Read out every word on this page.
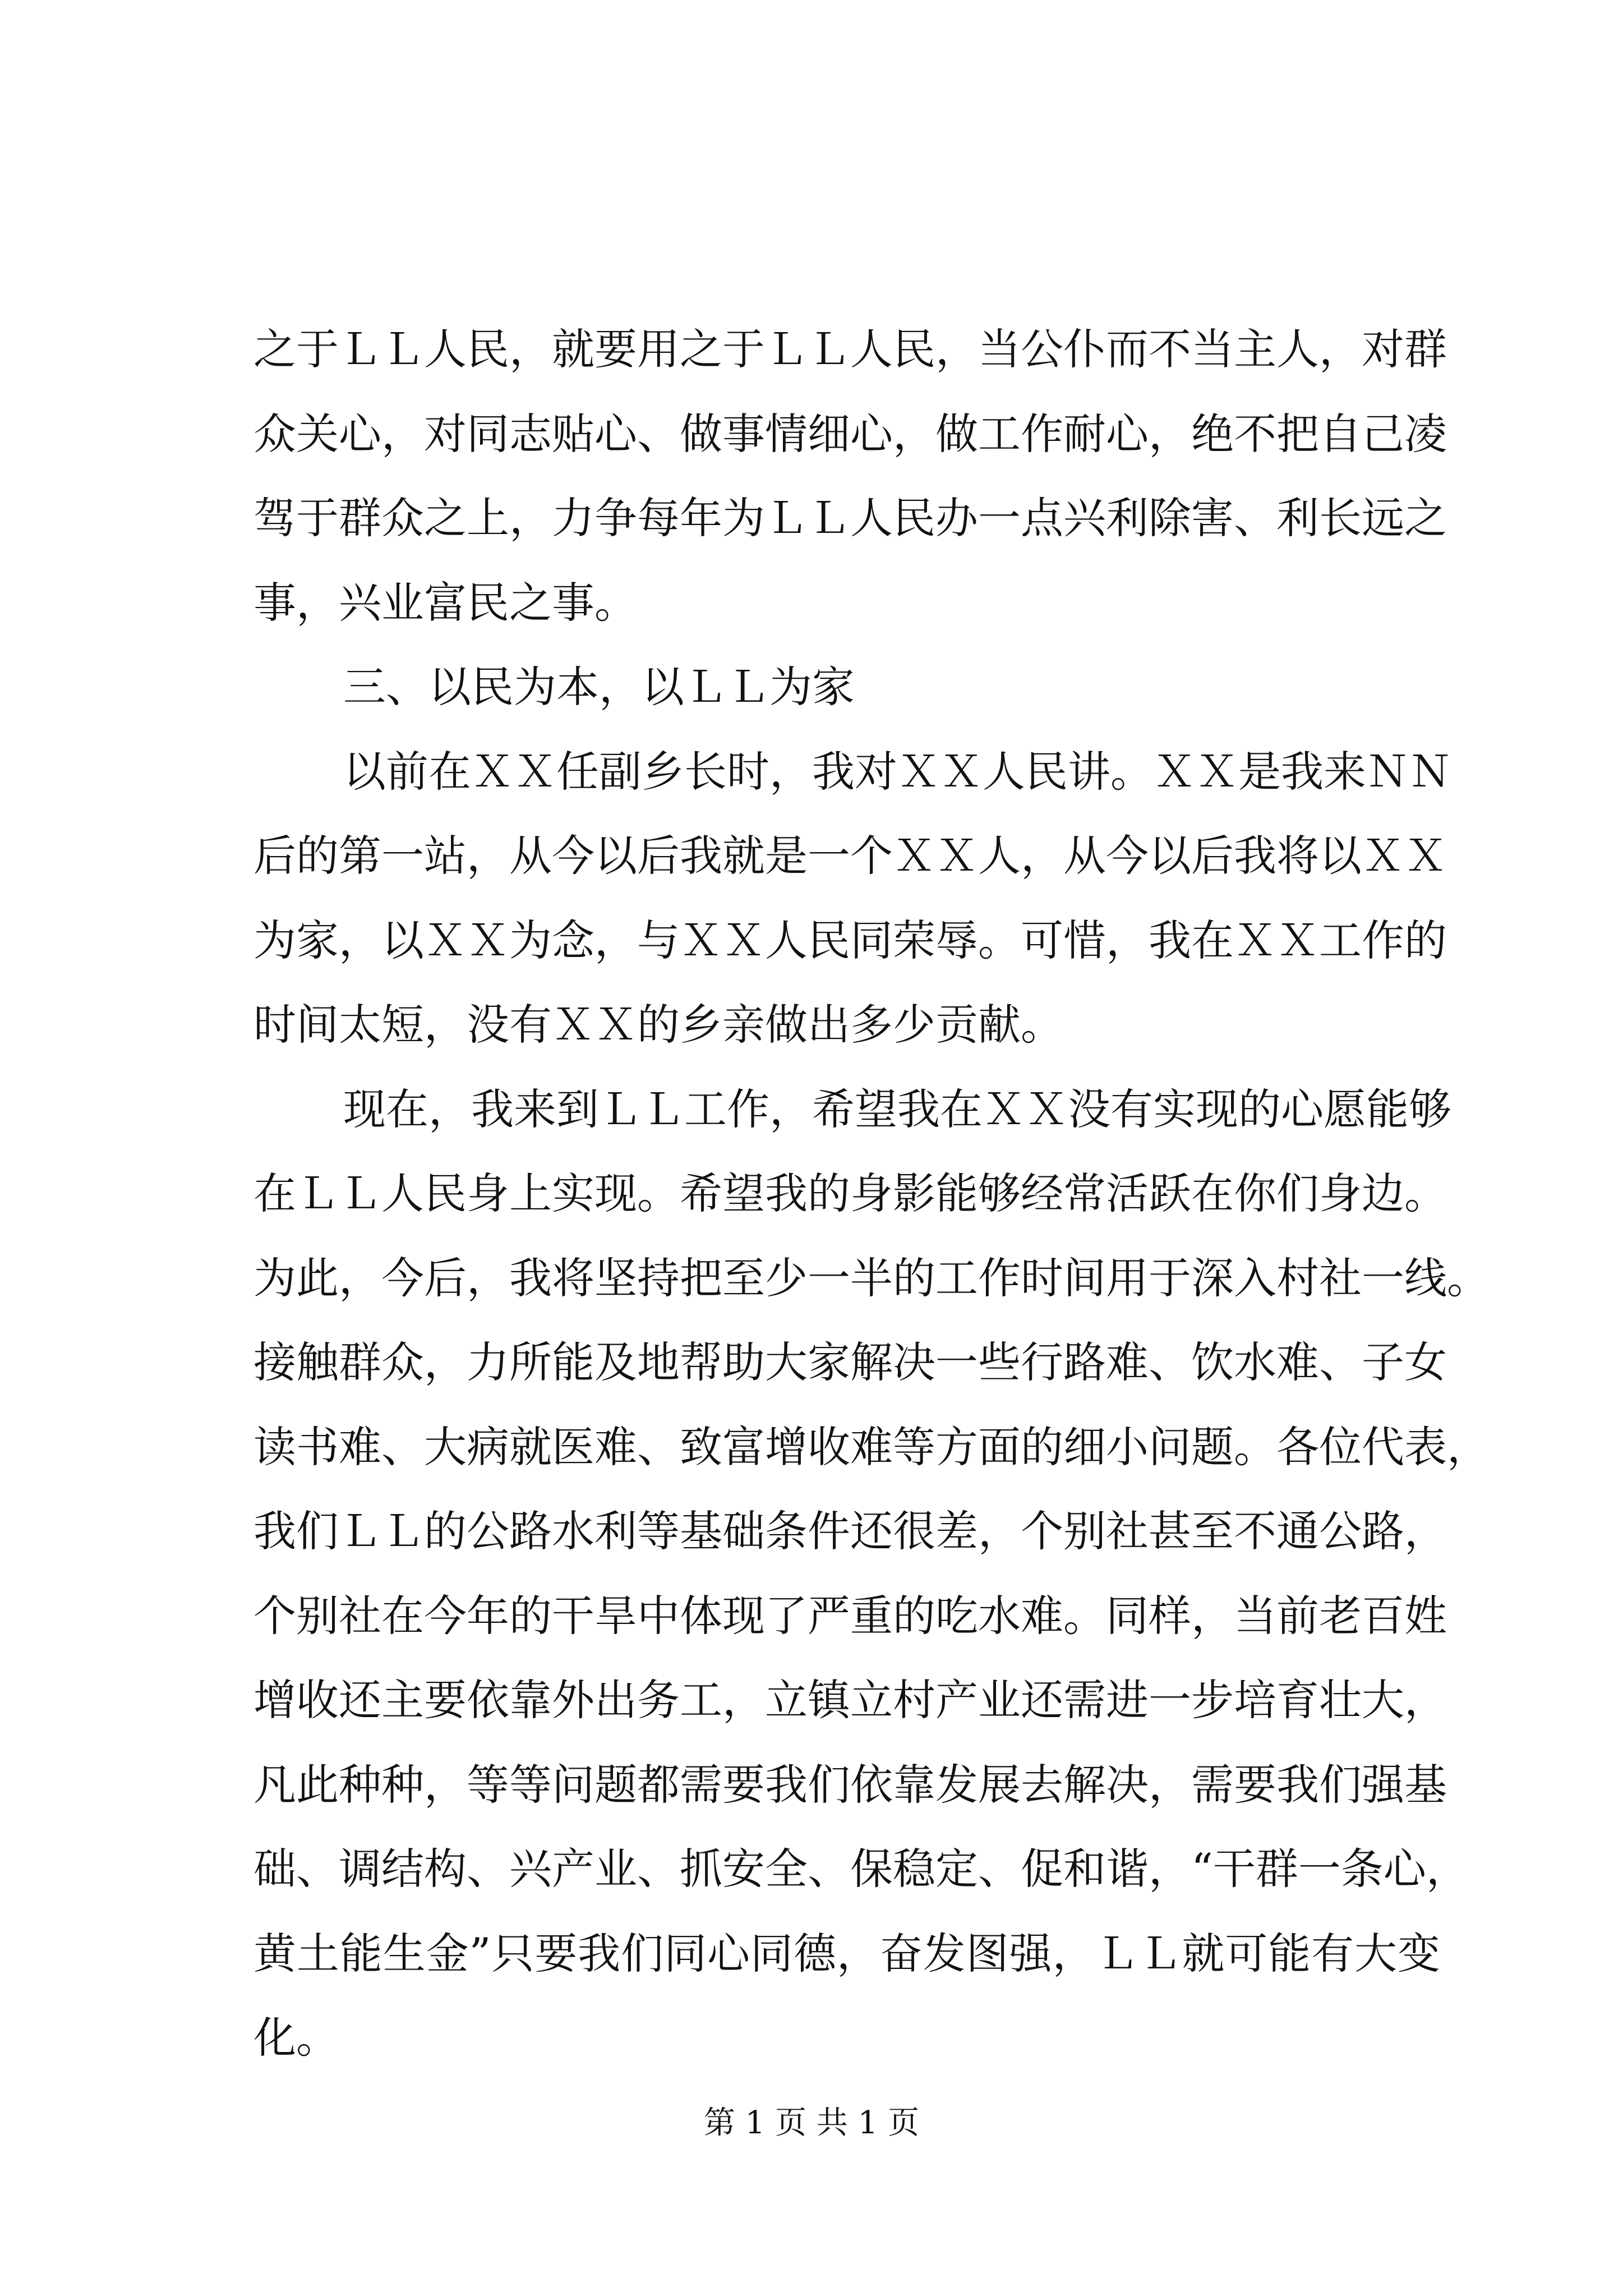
之于ＬＬ人民，就要用之于ＬＬ人民，当公仆而不当主人，对群
众关心，对同志贴心、做事情细心，做工作耐心，绝不把自己凌
驾于群众之上，力争每年为ＬＬ人民办一点兴利除害、利长远之
事，兴业富民之事。
三、以民为本，以ＬＬ为家
以前在ＸＸ任副乡长时，我对ＸＸ人民讲。ＸＸ是我来ＮＮ
后的第一站，从今以后我就是一个ＸＸ人，从今以后我将以ＸＸ
为家，以ＸＸ为念，与ＸＸ人民同荣辱。可惜，我在ＸＸ工作的
时间太短，没有ＸＸ的乡亲做出多少贡献。
现在，我来到ＬＬ工作，希望我在ＸＸ没有实现的心愿能够
在ＬＬ人民身上实现。希望我的身影能够经常活跃在你们身边。
为此，今后，我将坚持把至少一半的工作时间用于深入村社一线。
接触群众，力所能及地帮助大家解决一些行路难、饮水难、子女
读书难、大病就医难、致富增收难等方面的细小问题。各位代表，
我们ＬＬ的公路水利等基础条件还很差，个别社甚至不通公路，
个别社在今年的干旱中体现了严重的吃水难。同样，当前老百姓
增收还主要依靠外出务工，立镇立村产业还需进一步培育壮大，
凡此种种，等等问题都需要我们依靠发展去解决，需要我们强基
础、调结构、兴产业、抓安全、保稳定、促和谐，“干群一条心，
黄土能生金”只要我们同心同德，奋发图强，ＬＬ就可能有大变
化。
第 1 页 共 1 页
